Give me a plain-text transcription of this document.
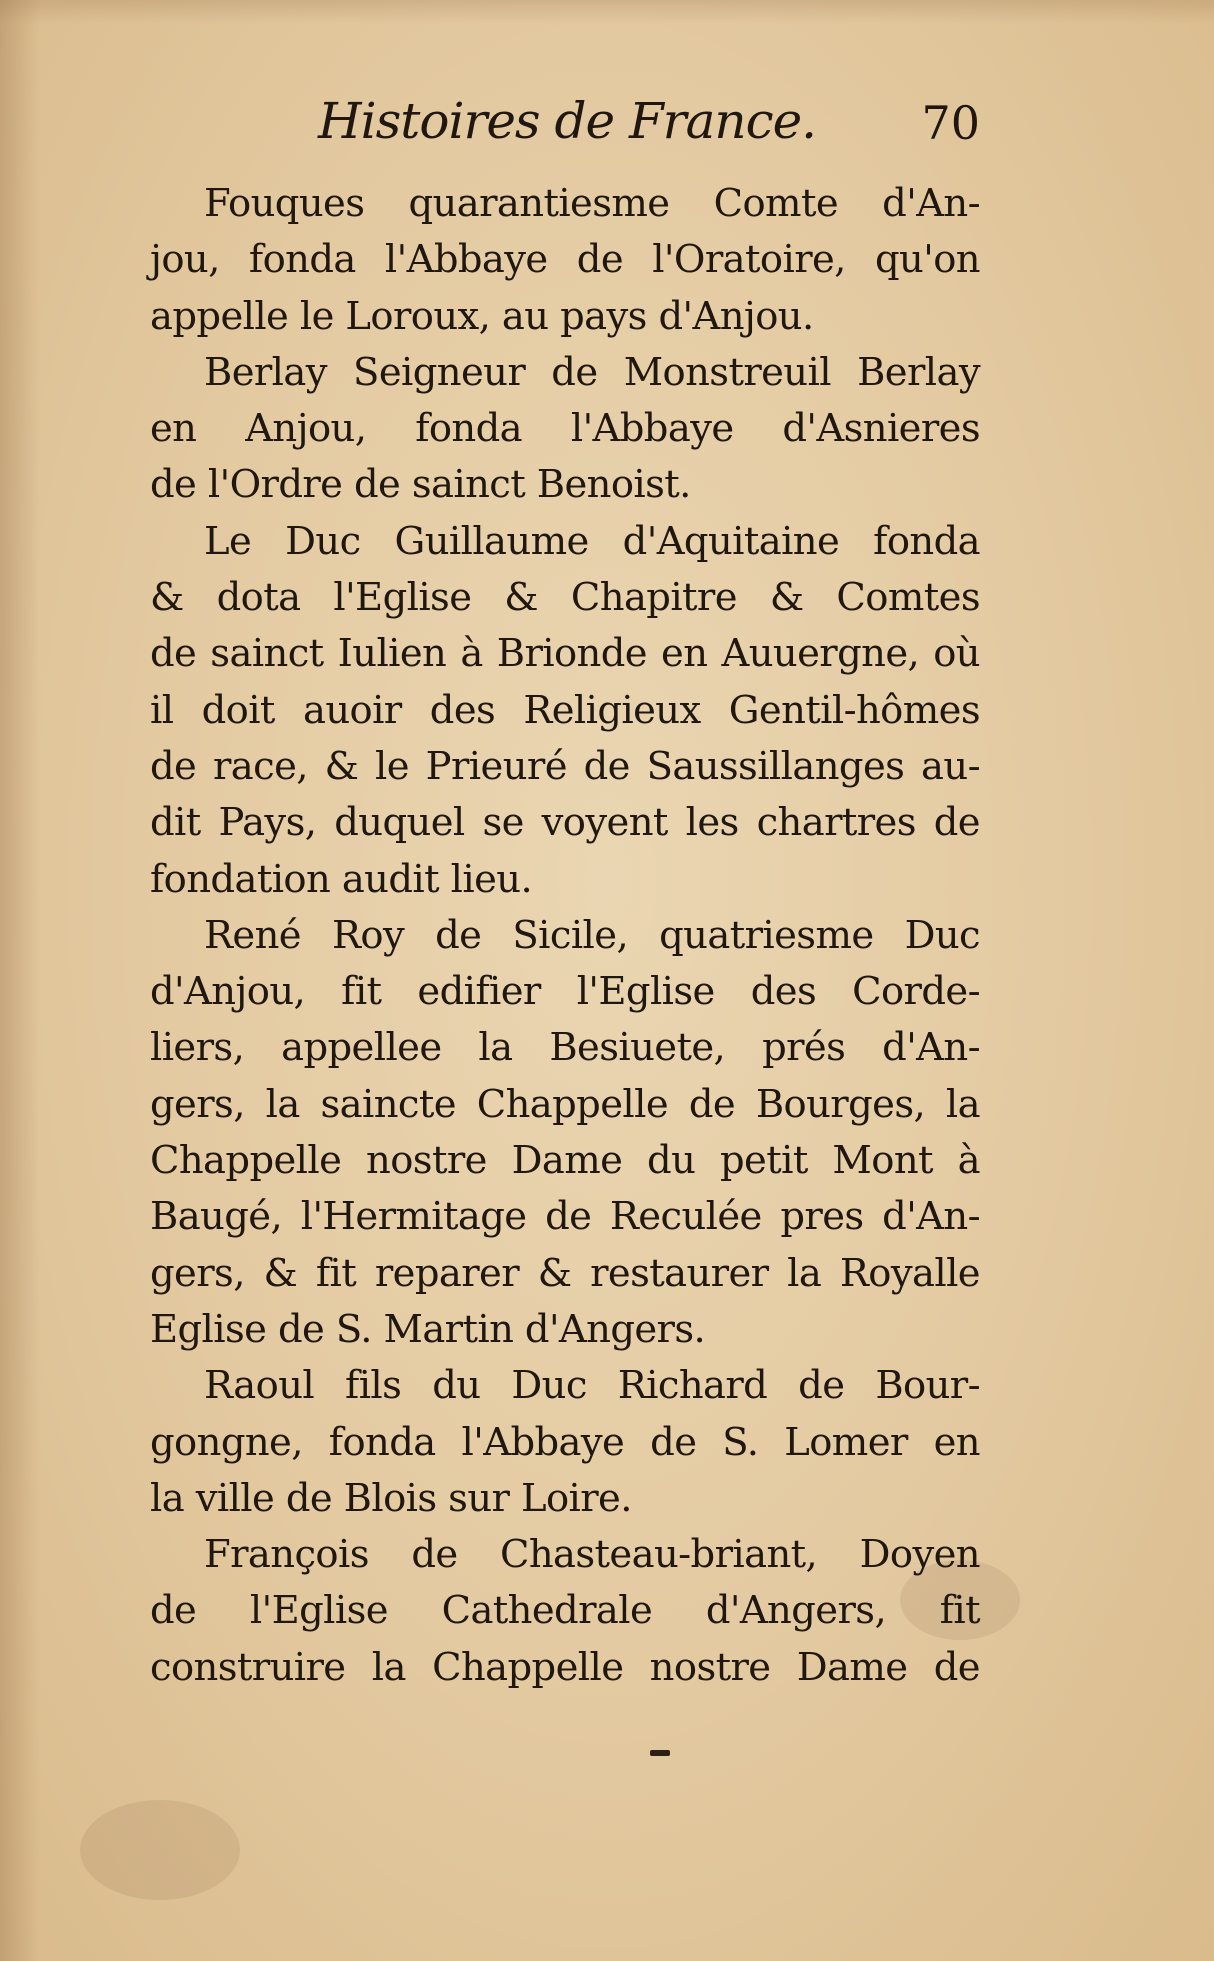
Histoires de France. 70
Fouques quarantiesme Comte d'An-
jou, fonda l'Abbaye de l'Oratoire, qu'on
appelle le Loroux, au pays d'Anjou.
Berlay Seigneur de Monstreuil Berlay
en Anjou, fonda l'Abbaye d'Asnieres
de l'Ordre de sainct Benoist.
Le Duc Guillaume d'Aquitaine fonda
& dota l'Eglise & Chapitre & Comtes
de sainct Iulien à Brionde en Auuergne, où
il doit auoir des Religieux Gentil-hômes
de race, & le Prieuré de Saussillanges au-
dit Pays, duquel se voyent les chartres de
fondation audit lieu.
René Roy de Sicile, quatriesme Duc
d'Anjou, fit edifier l'Eglise des Corde-
liers, appellee la Besiuete, prés d'An-
gers, la saincte Chappelle de Bourges, la
Chappelle nostre Dame du petit Mont à
Baugé, l'Hermitage de Reculée pres d'An-
gers, & fit reparer & restaurer la Royalle
Eglise de S. Martin d'Angers.
Raoul fils du Duc Richard de Bour-
gongne, fonda l'Abbaye de S. Lomer en
la ville de Blois sur Loire.
François de Chasteau-briant, Doyen
de l'Eglise Cathedrale d'Angers, fit
construire la Chappelle nostre Dame de
